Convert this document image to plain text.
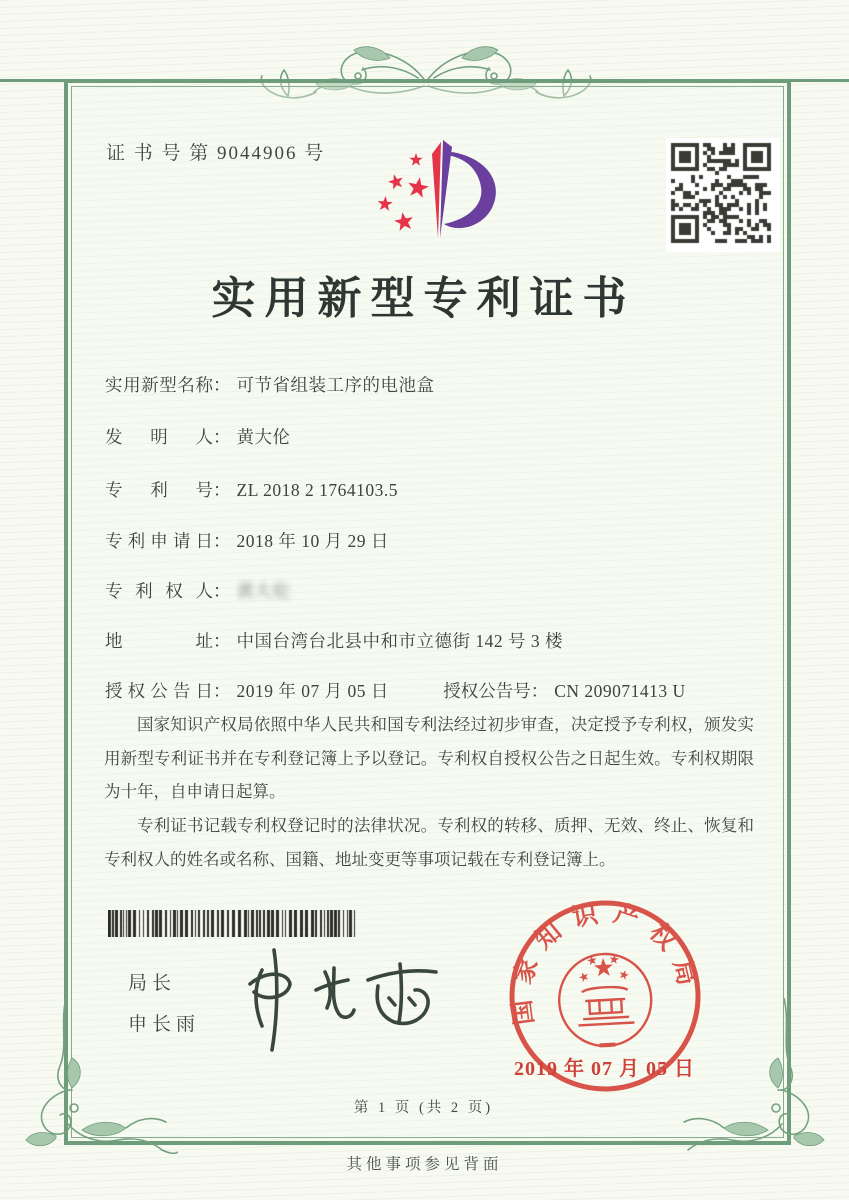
证 书 号 第 9044906 号
实用新型专利证书
实用新型名称： 可节省组装工序的电池盒
发明人： 黄大伦
专利号： ZL 2018 2 1764103.5
专利申请日： 2018 年 10 月 29 日
专利权人： 黄大伦
地址： 中国台湾台北县中和市立德街 142 号 3 楼
授权公告日： 2019 年 07 月 05 日	授权公告号： CN 209071413 U

国家知识产权局依照中华人民共和国专利法经过初步审查，决定授予专利权，颁发实用新型专利证书并在专利登记簿上予以登记。专利权自授权公告之日起生效。专利权期限为十年，自申请日起算。

专利证书记载专利权登记时的法律状况。专利权的转移、质押、无效、终止、恢复和专利权人的姓名或名称、国籍、地址变更等事项记载在专利登记簿上。

局长
申长雨	国家知识产权局
2019 年 07 月 05 日
第 1 页 (共 2 页)
其他事项参见背面
